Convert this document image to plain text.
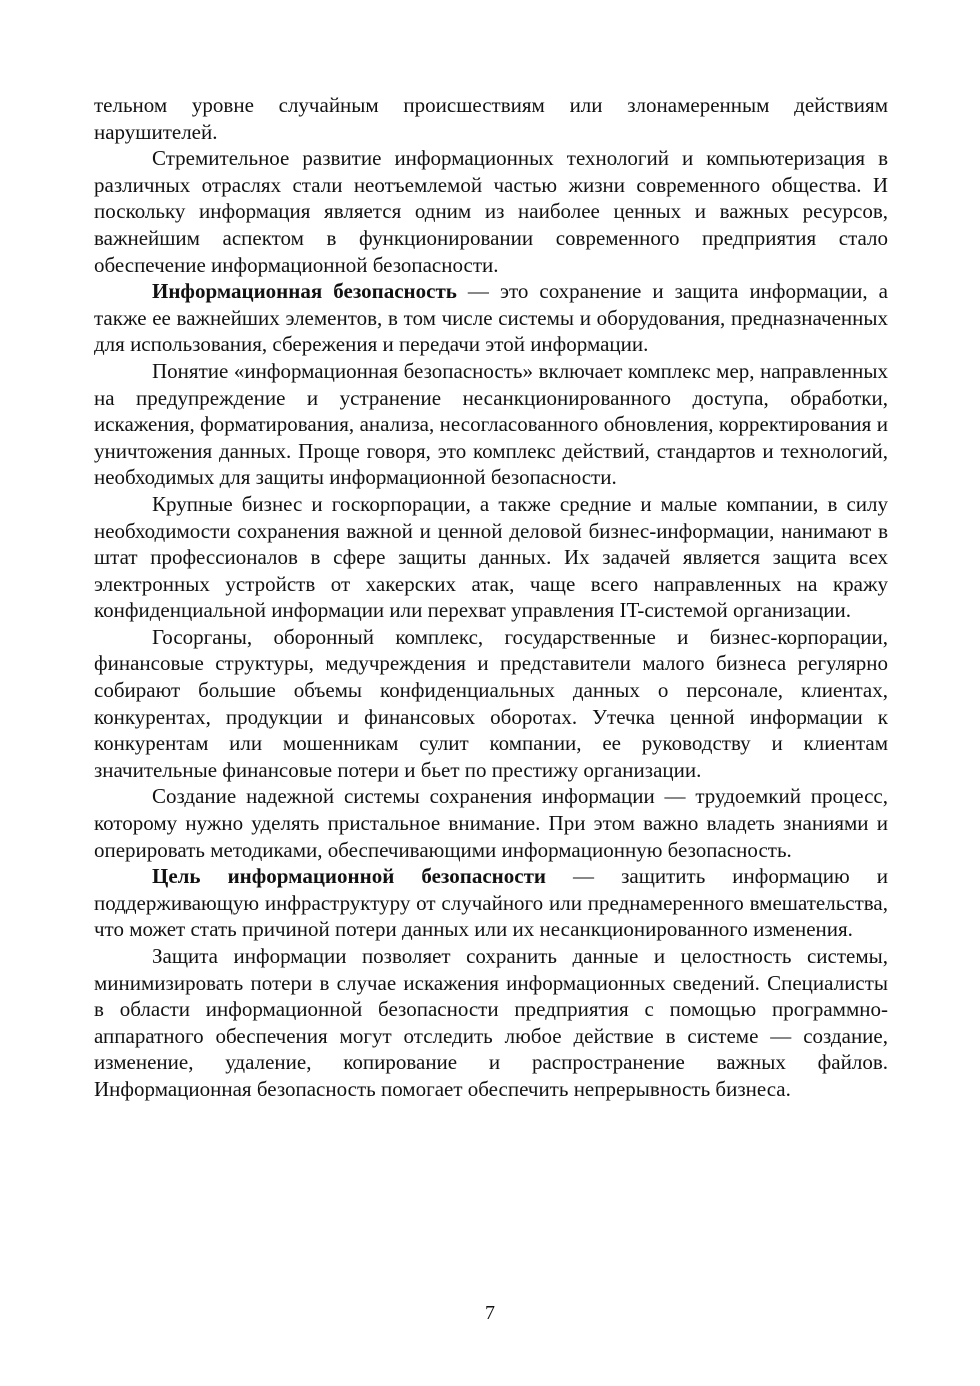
тельном уровне случайным происшествиям или злонамеренным действиям нарушителей.

Стремительное развитие информационных технологий и компьютеризация в различных отраслях стали неотъемлемой частью жизни современного общества. И поскольку информация является одним из наиболее ценных и важных ресурсов, важнейшим аспектом в функционировании современного предприятия стало обеспечение информационной безопасности.

Информационная безопасность — это сохранение и защита информации, а также ее важнейших элементов, в том числе системы и оборудования, предназначенных для использования, сбережения и передачи этой информации.

Понятие «информационная безопасность» включает комплекс мер, направленных на предупреждение и устранение несанкционированного доступа, обработки, искажения, форматирования, анализа, несогласованного обновления, корректирования и уничтожения данных. Проще говоря, это комплекс действий, стандартов и технологий, необходимых для защиты информационной безопасности.

Крупные бизнес и госкорпорации, а также средние и малые компании, в силу необходимости сохранения важной и ценной деловой бизнес-информации, нанимают в штат профессионалов в сфере защиты данных. Их задачей является защита всех электронных устройств от хакерских атак, чаще всего направленных на кражу конфиденциальной информации или перехват управления IT-системой организации.

Госорганы, оборонный комплекс, государственные и бизнес-корпорации, финансовые структуры, медучреждения и представители малого бизнеса регулярно собирают большие объемы конфиденциальных данных о персонале, клиентах, конкурентах, продукции и финансовых оборотах. Утечка ценной информации к конкурентам или мошенникам сулит компании, ее руководству и клиентам значительные финансовые потери и бьет по престижу организации.

Создание надежной системы сохранения информации — трудоемкий процесс, которому нужно уделять пристальное внимание. При этом важно владеть знаниями и оперировать методиками, обеспечивающими информационную безопасность.

Цель информационной безопасности — защитить информацию и поддерживающую инфраструктуру от случайного или преднамеренного вмешательства, что может стать причиной потери данных или их несанкционированного изменения.

Защита информации позволяет сохранить данные и целостность системы, минимизировать потери в случае искажения информационных сведений. Специалисты в области информационной безопасности предприятия с помощью программно-аппаратного обеспечения могут отследить любое действие в системе — создание, изменение, удаление, копирование и распространение важных файлов. Информационная безопасность помогает обеспечить непрерывность бизнеса.

7
